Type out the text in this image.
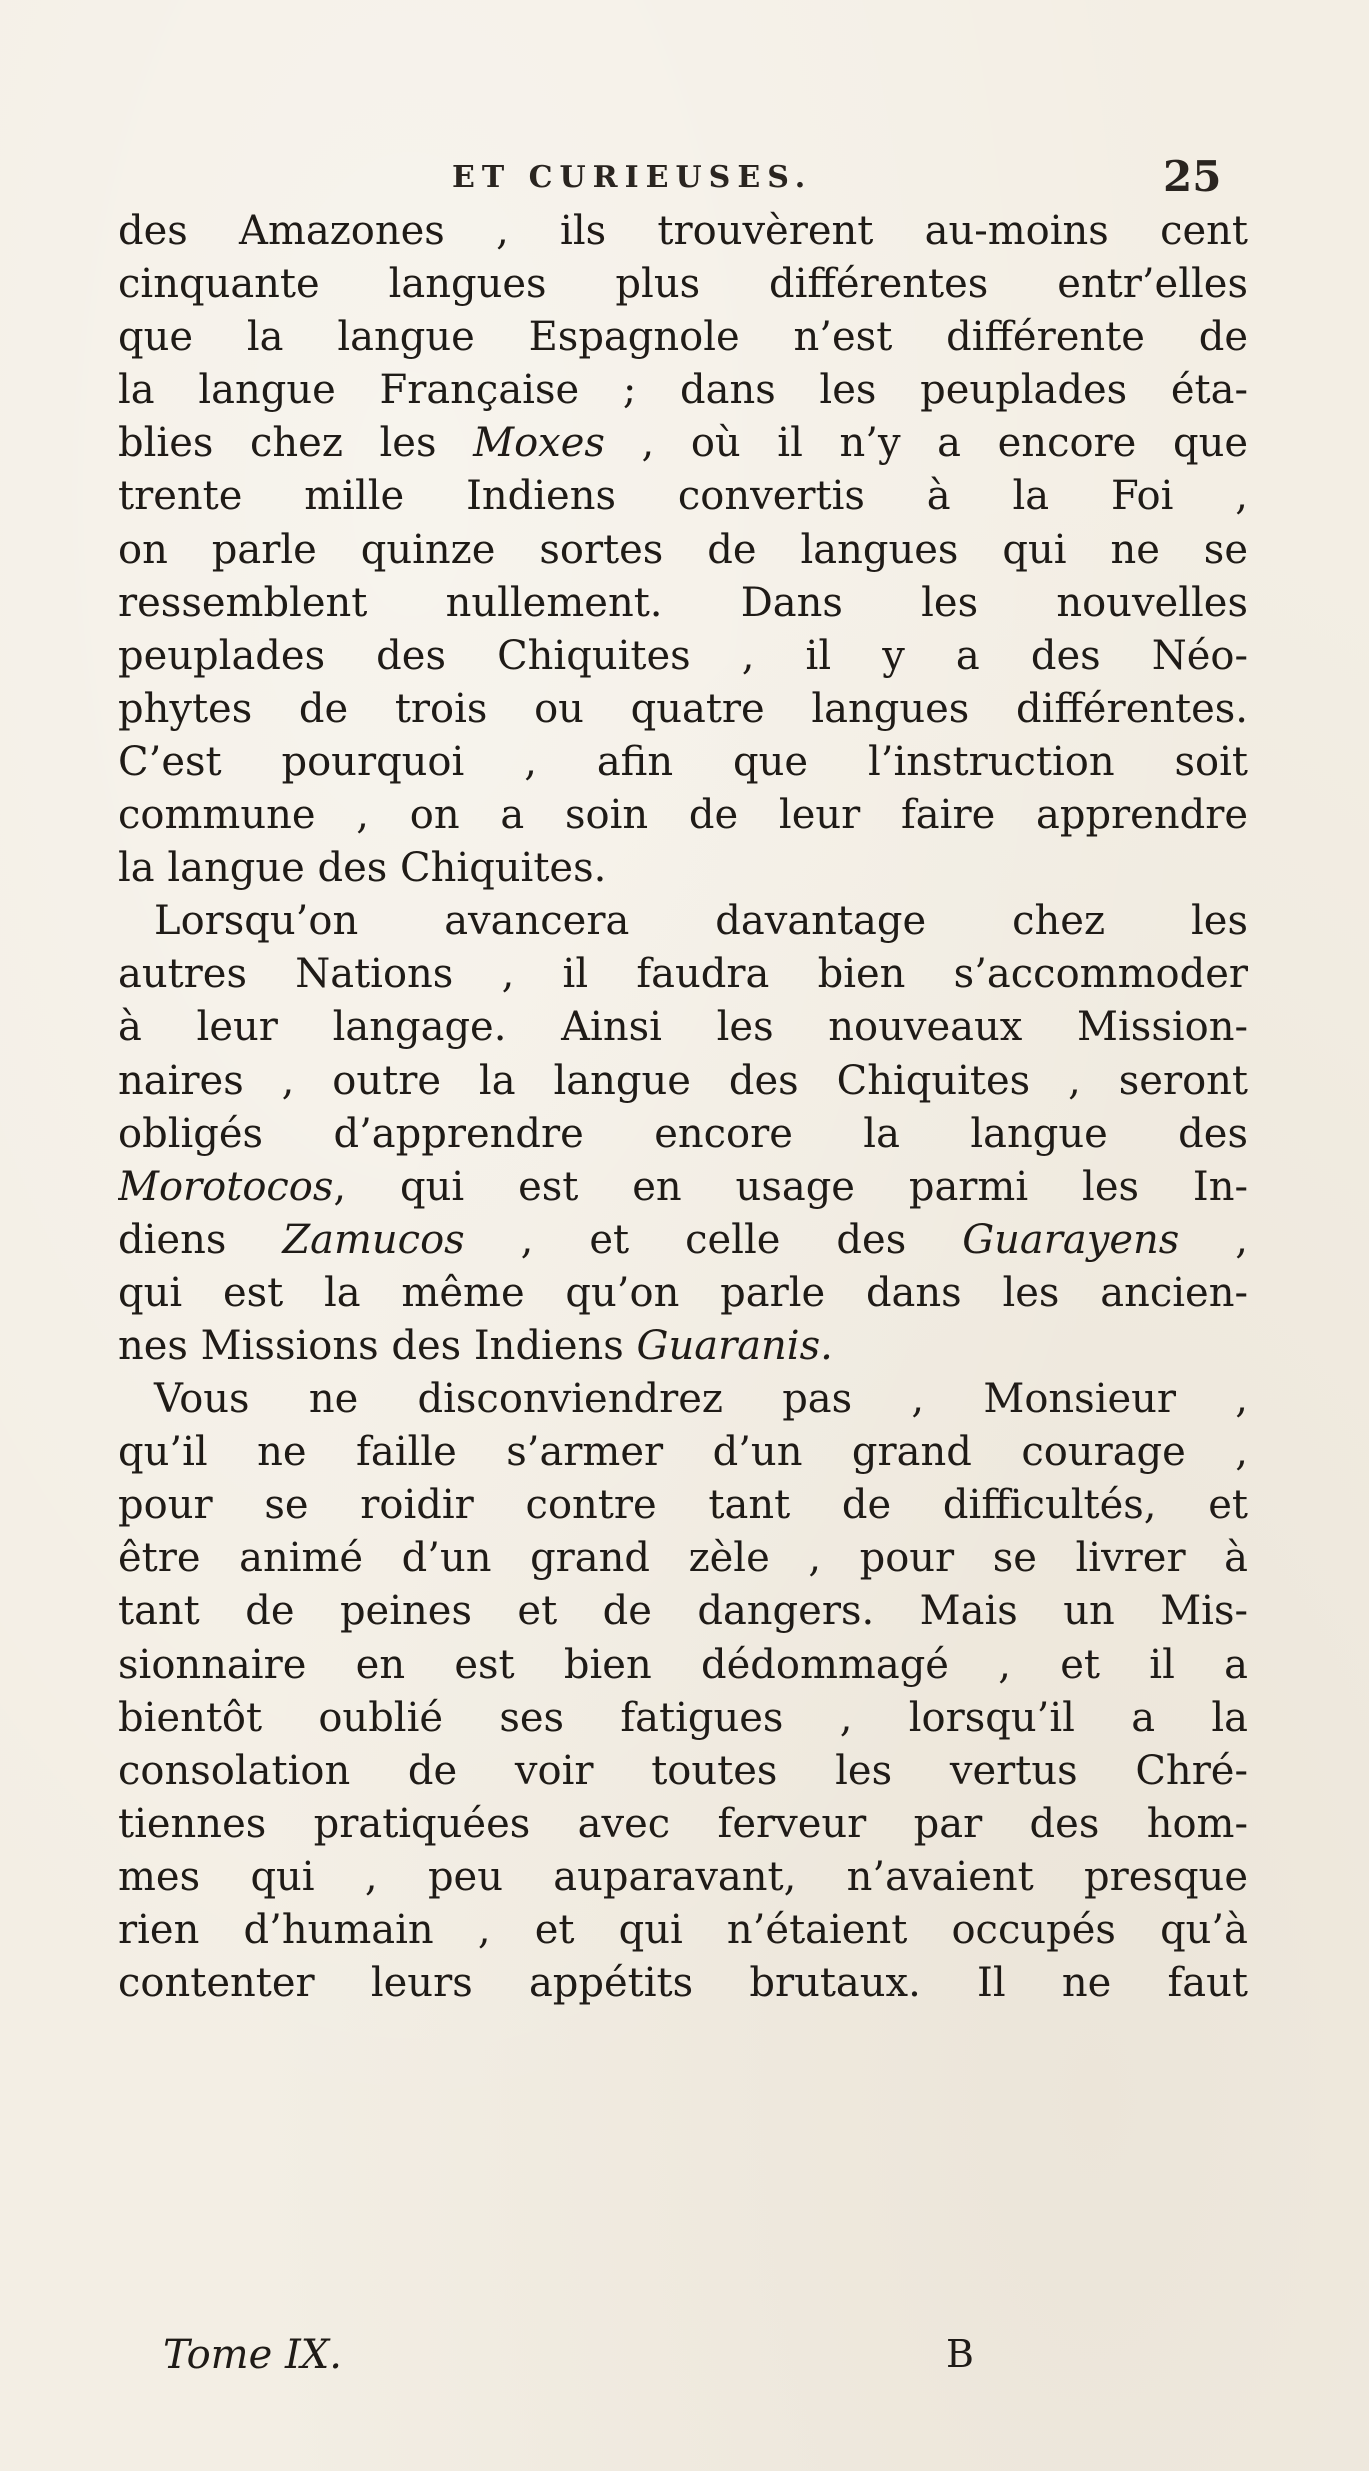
ET CURIEUSES.	25
des Amazones , ils trouvèrent au-moins cent
cinquante langues plus différentes entr’elles
que la langue Espagnole n’est différente de
la langue Française ; dans les peuplades éta-
blies chez les Moxes , où il n’y a encore que
trente mille Indiens convertis à la Foi ,
on parle quinze sortes de langues qui ne se
ressemblent nullement. Dans les nouvelles
peuplades des Chiquites , il y a des Néo-
phytes de trois ou quatre langues différentes.
C’est pourquoi , afin que l’instruction soit
commune , on a soin de leur faire apprendre
la langue des Chiquites.
Lorsqu’on avancera davantage chez les
autres Nations , il faudra bien s’accommoder
à leur langage. Ainsi les nouveaux Mission-
naires , outre la langue des Chiquites , seront
obligés d’apprendre encore la langue des
Morotocos, qui est en usage parmi les In-
diens Zamucos , et celle des Guarayens ,
qui est la même qu’on parle dans les ancien-
nes Missions des Indiens Guaranis.
Vous ne disconviendrez pas , Monsieur ,
qu’il ne faille s’armer d’un grand courage ,
pour se roidir contre tant de difficultés, et
être animé d’un grand zèle , pour se livrer à
tant de peines et de dangers. Mais un Mis-
sionnaire en est bien dédommagé , et il a
bientôt oublié ses fatigues , lorsqu’il a la
consolation de voir toutes les vertus Chré-
tiennes pratiquées avec ferveur par des hom-
mes qui , peu auparavant, n’avaient presque
rien d’humain , et qui n’étaient occupés qu’à
contenter leurs appétits brutaux. Il ne faut
Tome IX.	B
